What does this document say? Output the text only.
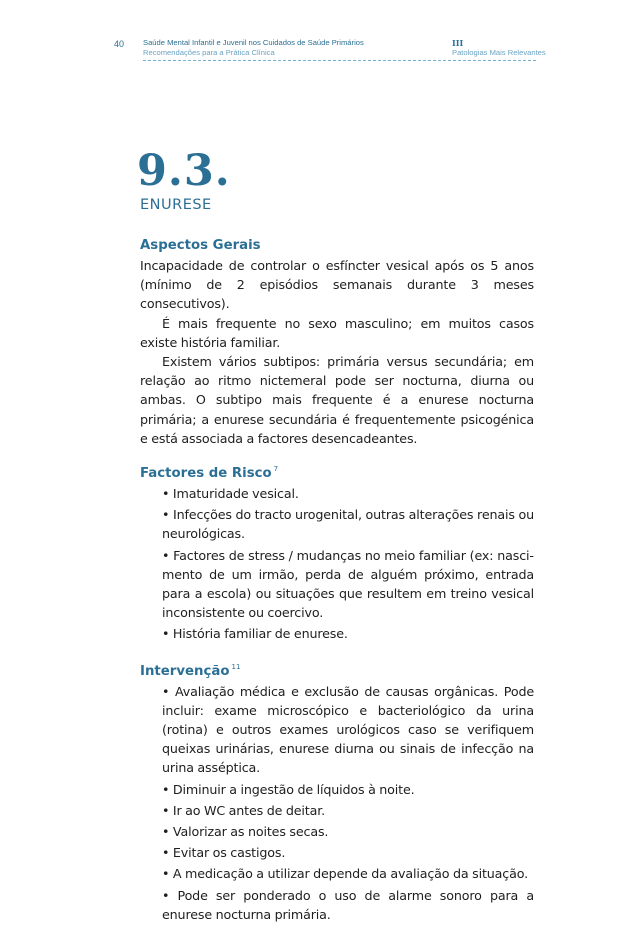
40 Saúde Mental Infantil e Juvenil nos Cuidados de Saúde Primários
Recomendações para a Prática Clínica
III
Patologias Mais Relevantes
9.3.
ENURESE

Aspectos Gerais

Incapacidade de controlar o esfíncter vesical após os 5 anos (mínimo de 2 episódios semanais durante 3 meses consecutivos).

É mais frequente no sexo masculino; em muitos casos existe história familiar.

Existem vários subtipos: primária versus secundária; em relação ao ritmo nictemeral pode ser nocturna, diurna ou ambas. O subtipo mais frequente é a enurese nocturna primária; a enurese secundária é frequentemente psicogénica e está associada a factores desencadeantes.

Factores de Risco $^7$

• Imaturidade vesical.
• Infecções do tracto urogenital, outras alterações renais ou neurológicas.
• Factores de stress / mudanças no meio familiar (ex: nascimento de um irmão, perda de alguém próximo, entrada para a escola) ou situações que resultem em treino vesical inconsistente ou coercivo.
• História familiar de enurese.

Intervenção $^{11}$

• Avaliação médica e exclusão de causas orgânicas. Pode incluir: exame microscópico e bacteriológico da urina (rotina) e outros exames urológicos caso se verifiquem queixas urinárias, enurese diurna ou sinais de infecção na urina asséptica.
• Diminuir a ingestão de líquidos à noite.
• Ir ao WC antes de deitar.
• Valorizar as noites secas.
• Evitar os castigos.
• A medicação a utilizar depende da avaliação da situação.
• Pode ser ponderado o uso de alarme sonoro para a enurese nocturna primária.
